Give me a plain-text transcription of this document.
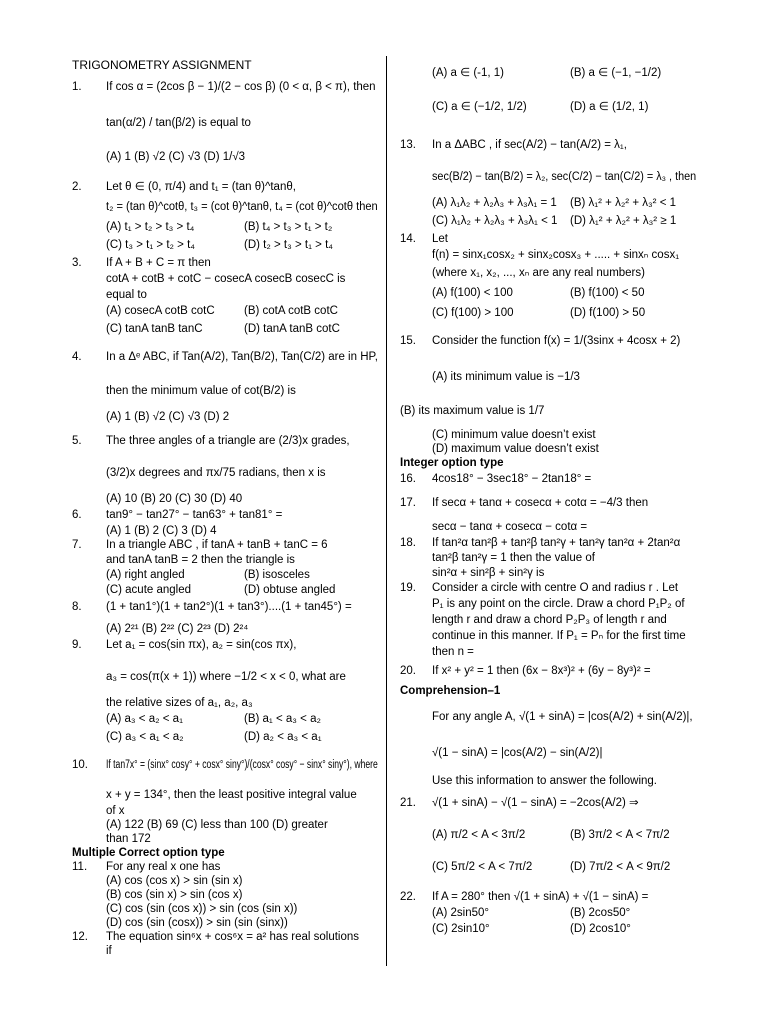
TRIGONOMETRY ASSIGNMENT
1. If cos α = (2cos β − 1)/(2 − cos β) (0 < α, β < π), then
tan(α/2) / tan(β/2) is equal to
(A) 1 (B) √2 (C) √3 (D) 1/√3
2. Let θ ∈ (0, π/4) and t₁ = (tan θ)^tanθ,
t₂ = (tan θ)^cotθ, t₃ = (cot θ)^tanθ, t₄ = (cot θ)^cotθ then
(A) t₁ > t₂ > t₃ > t₄	(B) t₄ > t₃ > t₁ > t₂
(C) t₃ > t₁ > t₂ > t₄	(D) t₂ > t₃ > t₁ > t₄
3. If A + B + C = π then
cotA + cotB + cotC − cosecA cosecB cosecC is
equal to
(A) cosecA cotB cotC	(B) cotA cotB cotC
(C) tanA tanB tanC	(D) tanA tanB cotC
4. In a Δᵉ ABC, if Tan(A/2), Tan(B/2), Tan(C/2) are in HP,
then the minimum value of cot(B/2) is
(A) 1 (B) √2 (C) √3 (D) 2
5. The three angles of a triangle are (2/3)x grades,
(3/2)x degrees and πx/75 radians, then x is
(A) 10 (B) 20 (C) 30 (D) 40
6. tan9° − tan27° − tan63° + tan81° =
(A) 1 (B) 2 (C) 3 (D) 4
7. In a triangle ABC , if tanA + tanB + tanC = 6
and tanA tanB = 2 then the triangle is
(A) right angled	(B) isosceles
(C) acute angled	(D) obtuse angled
8. (1 + tan1°)(1 + tan2°)(1 + tan3°)....(1 + tan45°) =
(A) 2²¹ (B) 2²² (C) 2²³ (D) 2²⁴
9. Let a₁ = cos(sin πx), a₂ = sin(cos πx),
a₃ = cos(π(x + 1)) where −1/2 < x < 0, what are
the relative sizes of a₁, a₂, a₃
(A) a₃ < a₂ < a₁	(B) a₁ < a₃ < a₂
(C) a₃ < a₁ < a₂	(D) a₂ < a₃ < a₁
10. If tan7x° = (sinx° cosy° + cosx° siny°)/(cosx° cosy° − sinx° siny°), where
x + y = 134°, then the least positive integral value
of x
(A) 122 (B) 69 (C) less than 100 (D) greater
than 172
Multiple Correct option type
11. For any real x one has
(A) cos (cos x) > sin (sin x)
(B) cos (sin x) > sin (cos x)
(C) cos (sin (cos x)) > sin (cos (sin x))
(D) cos (sin (cosx)) > sin (sin (sinx))
12. The equation sin⁶x + cos⁶x = a² has real solutions
if
(A) a ∈ (-1, 1)	(B) a ∈ (−1, −1/2)
(C) a ∈ (−1/2, 1/2)	(D) a ∈ (1/2, 1)
13. In a ΔABC , if sec(A/2) − tan(A/2) = λ₁,
sec(B/2) − tan(B/2) = λ₂, sec(C/2) − tan(C/2) = λ₃ , then
(A) λ₁λ₂ + λ₂λ₃ + λ₃λ₁ = 1 (B) λ₁² + λ₂² + λ₃² < 1
(C) λ₁λ₂ + λ₂λ₃ + λ₃λ₁ < 1 (D) λ₁² + λ₂² + λ₃² ≥ 1
14. Let
f(n) = sinx₁cosx₂ + sinx₂cosx₃ + ..... + sinxₙ cosx₁
(where x₁, x₂, ..., xₙ are any real numbers)
(A) f(100) < 100	(B) f(100) < 50
(C) f(100) > 100	(D) f(100) > 50
15. Consider the function f(x) = 1/(3sinx + 4cosx + 2)
(A) its minimum value is −1/3
(B) its maximum value is 1/7
(C) minimum value doesn’t exist
(D) maximum value doesn’t exist
Integer option type
16. 4cos18° − 3sec18° − 2tan18° =
17. If secα + tanα + cosecα + cotα = −4/3 then
secα − tanα + cosecα − cotα =
18. If tan²α tan²β + tan²β tan²γ + tan²γ tan²α + 2tan²α
tan²β tan²γ = 1 then the value of
sin²α + sin²β + sin²γ is
19. Consider a circle with centre O and radius r . Let
P₁ is any point on the circle. Draw a chord P₁P₂ of
length r and draw a chord P₂P₃ of length r and
continue in this manner. If P₁ = Pₙ for the first time
then n =
20. If x² + y² = 1 then (6x − 8x³)² + (6y − 8y³)² =
Comprehension–1
For any angle A, √(1 + sinA) = |cos(A/2) + sin(A/2)|,
√(1 − sinA) = |cos(A/2) − sin(A/2)|
Use this information to answer the following.
21. √(1 + sinA) − √(1 − sinA) = −2cos(A/2) ⇒
(A) π/2 < A < 3π/2	(B) 3π/2 < A < 7π/2
(C) 5π/2 < A < 7π/2	(D) 7π/2 < A < 9π/2
22. If A = 280° then √(1 + sinA) + √(1 − sinA) =
(A) 2sin50°	(B) 2cos50°
(C) 2sin10°	(D) 2cos10°
